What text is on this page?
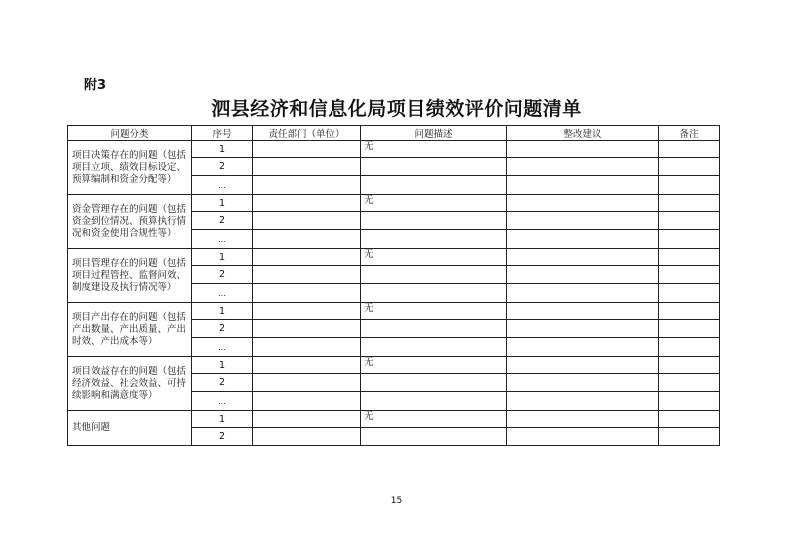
附3
泗县经济和信息化局项目绩效评价问题清单
问题分类	序号	责任部门（单位）	问题描述	整改建议	备注
项目决策存在的问题（包括项目立项、绩效目标设定、预算编制和资金分配等）	1		无		
	2				
	…				
资金管理存在的问题（包括资金到位情况、预算执行情况和资金使用合规性等）	1		无		
	2				
	…				
项目管理存在的问题（包括项目过程管控、监督问效、制度建设及执行情况等）	1		无		
	2				
	…				
项目产出存在的问题（包括产出数量、产出质量、产出时效、产出成本等）	1		无		
	2				
	…				
项目效益存在的问题（包括经济效益、社会效益、可持续影响和满意度等）	1		无		
	2				
	…				
其他问题	1		无		
	2				
15
